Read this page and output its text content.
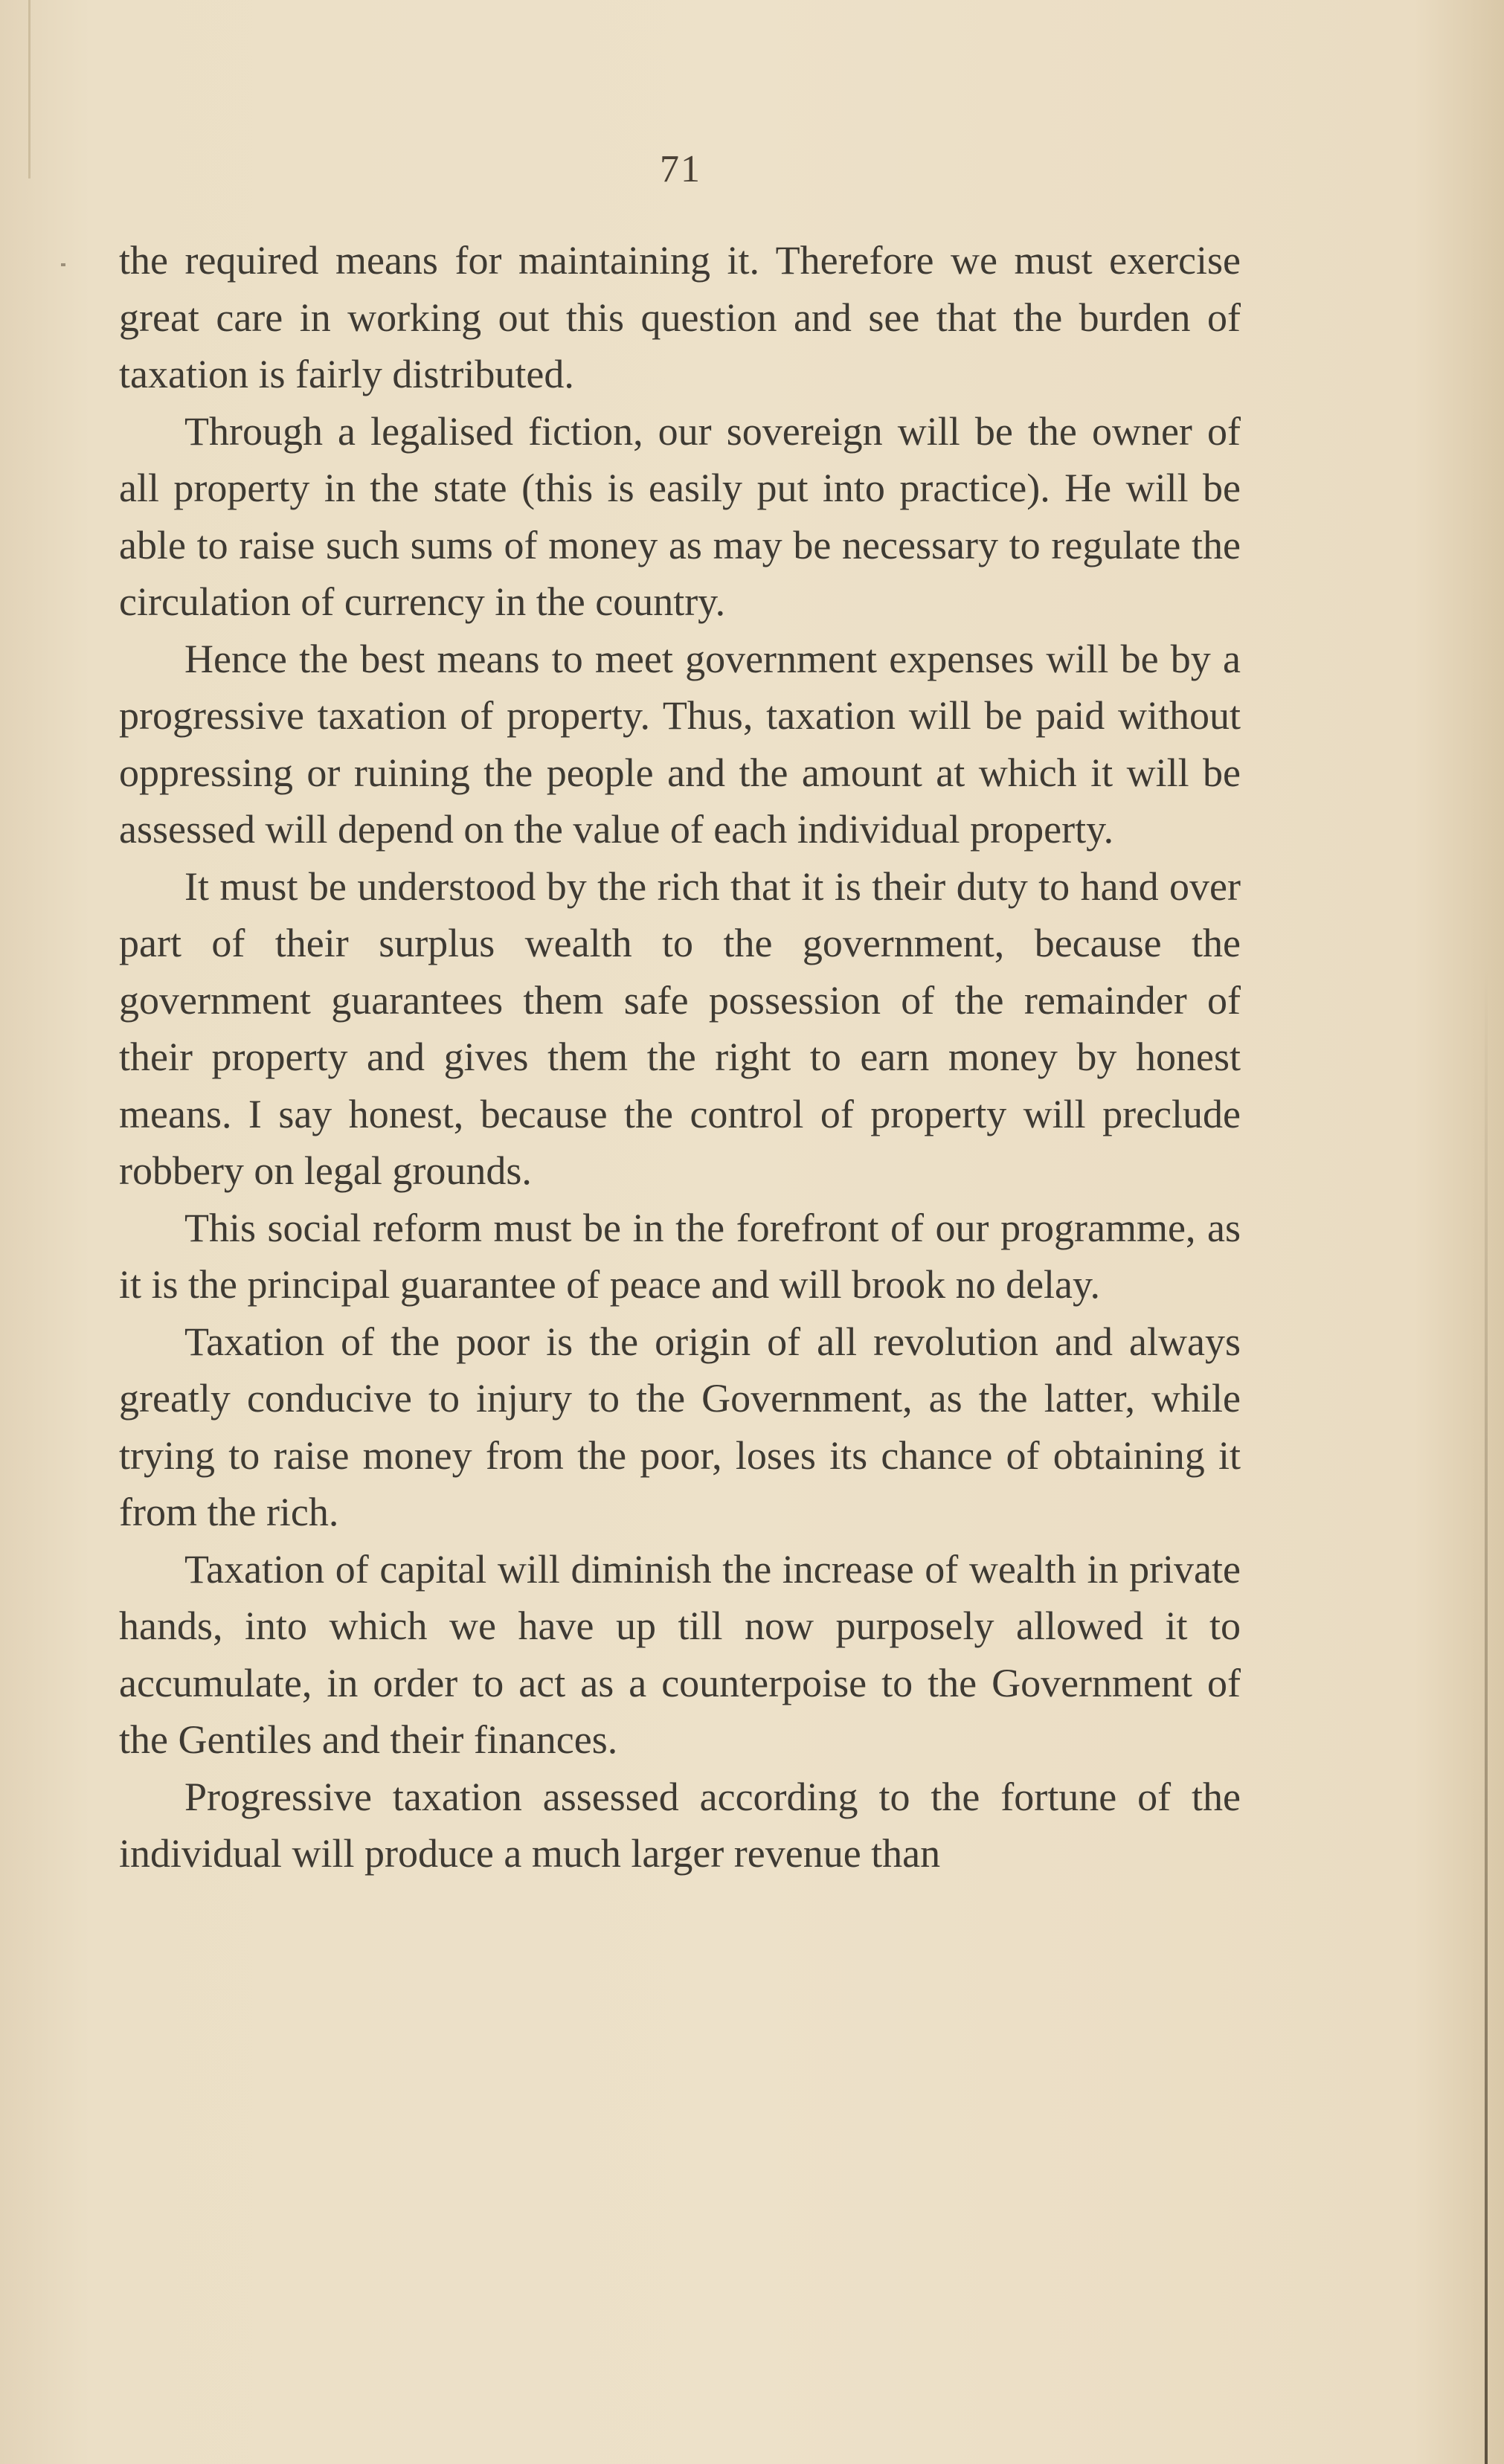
71

the required means for maintaining it. Therefore we must exercise great care in working out this question and see that the burden of taxation is fairly distributed.

Through a legalised fiction, our sovereign will be the owner of all property in the state (this is easily put into practice). He will be able to raise such sums of money as may be necessary to regulate the circulation of currency in the country.

Hence the best means to meet government expenses will be by a progressive taxation of property. Thus, taxation will be paid without oppressing or ruining the people and the amount at which it will be assessed will depend on the value of each individual property.

It must be understood by the rich that it is their duty to hand over part of their surplus wealth to the government, because the government guarantees them safe possession of the remainder of their property and gives them the right to earn money by honest means. I say honest, because the control of property will preclude robbery on legal grounds.

This social reform must be in the forefront of our programme, as it is the principal guarantee of peace and will brook no delay.

Taxation of the poor is the origin of all revolution and always greatly conducive to injury to the Government, as the latter, while trying to raise money from the poor, loses its chance of obtaining it from the rich.

Taxation of capital will diminish the increase of wealth in private hands, into which we have up till now purposely allowed it to accumulate, in order to act as a counterpoise to the Government of the Gentiles and their finances.

Progressive taxation assessed according to the fortune of the individual will produce a much larger revenue than
